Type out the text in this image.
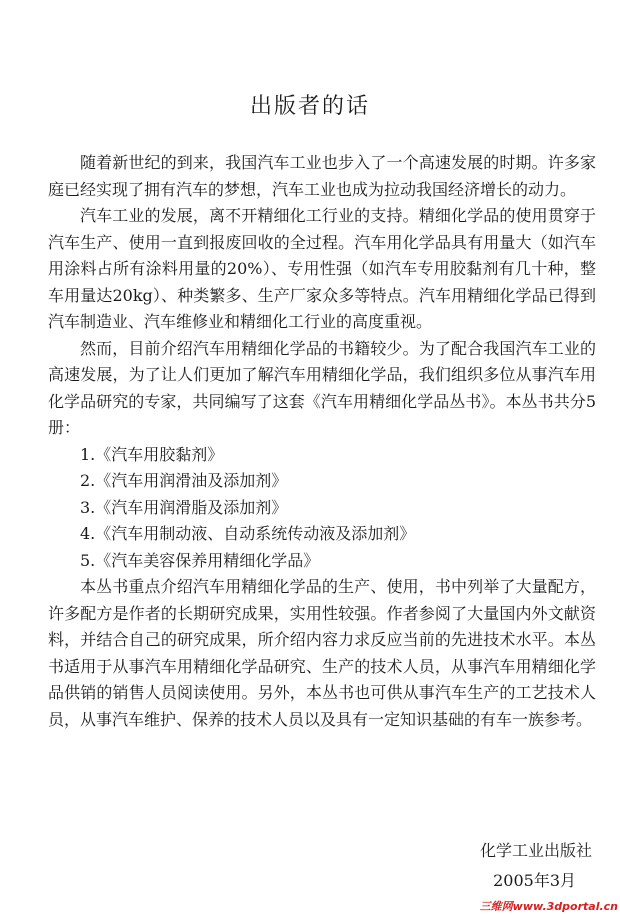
出版者的话

随着新世纪的到来，我国汽车工业也步入了一个高速发展的时期。许多家庭已经实现了拥有汽车的梦想，汽车工业也成为拉动我国经济增长的动力。

汽车工业的发展，离不开精细化工行业的支持。精细化学品的使用贯穿于汽车生产、使用一直到报废回收的全过程。汽车用化学品具有用量大（如汽车用涂料占所有涂料用量的20%）、专用性强（如汽车专用胶黏剂有几十种，整车用量达20kg）、种类繁多、生产厂家众多等特点。汽车用精细化学品已得到汽车制造业、汽车维修业和精细化工行业的高度重视。

然而，目前介绍汽车用精细化学品的书籍较少。为了配合我国汽车工业的高速发展，为了让人们更加了解汽车用精细化学品，我们组织多位从事汽车用化学品研究的专家，共同编写了这套《汽车用精细化学品丛书》。本丛书共分5册：

1.《汽车用胶黏剂》
2.《汽车用润滑油及添加剂》
3.《汽车用润滑脂及添加剂》
4.《汽车用制动液、自动系统传动液及添加剂》
5.《汽车美容保养用精细化学品》

本丛书重点介绍汽车用精细化学品的生产、使用，书中列举了大量配方，许多配方是作者的长期研究成果，实用性较强。作者参阅了大量国内外文献资料，并结合自己的研究成果，所介绍内容力求反应当前的先进技术水平。本丛书适用于从事汽车用精细化学品研究、生产的技术人员，从事汽车用精细化学品供销的销售人员阅读使用。另外，本丛书也可供从事汽车生产的工艺技术人员，从事汽车维护、保养的技术人员以及具有一定知识基础的有车一族参考。

化学工业出版社
2005年3月
三维网www.3dportal.cn
